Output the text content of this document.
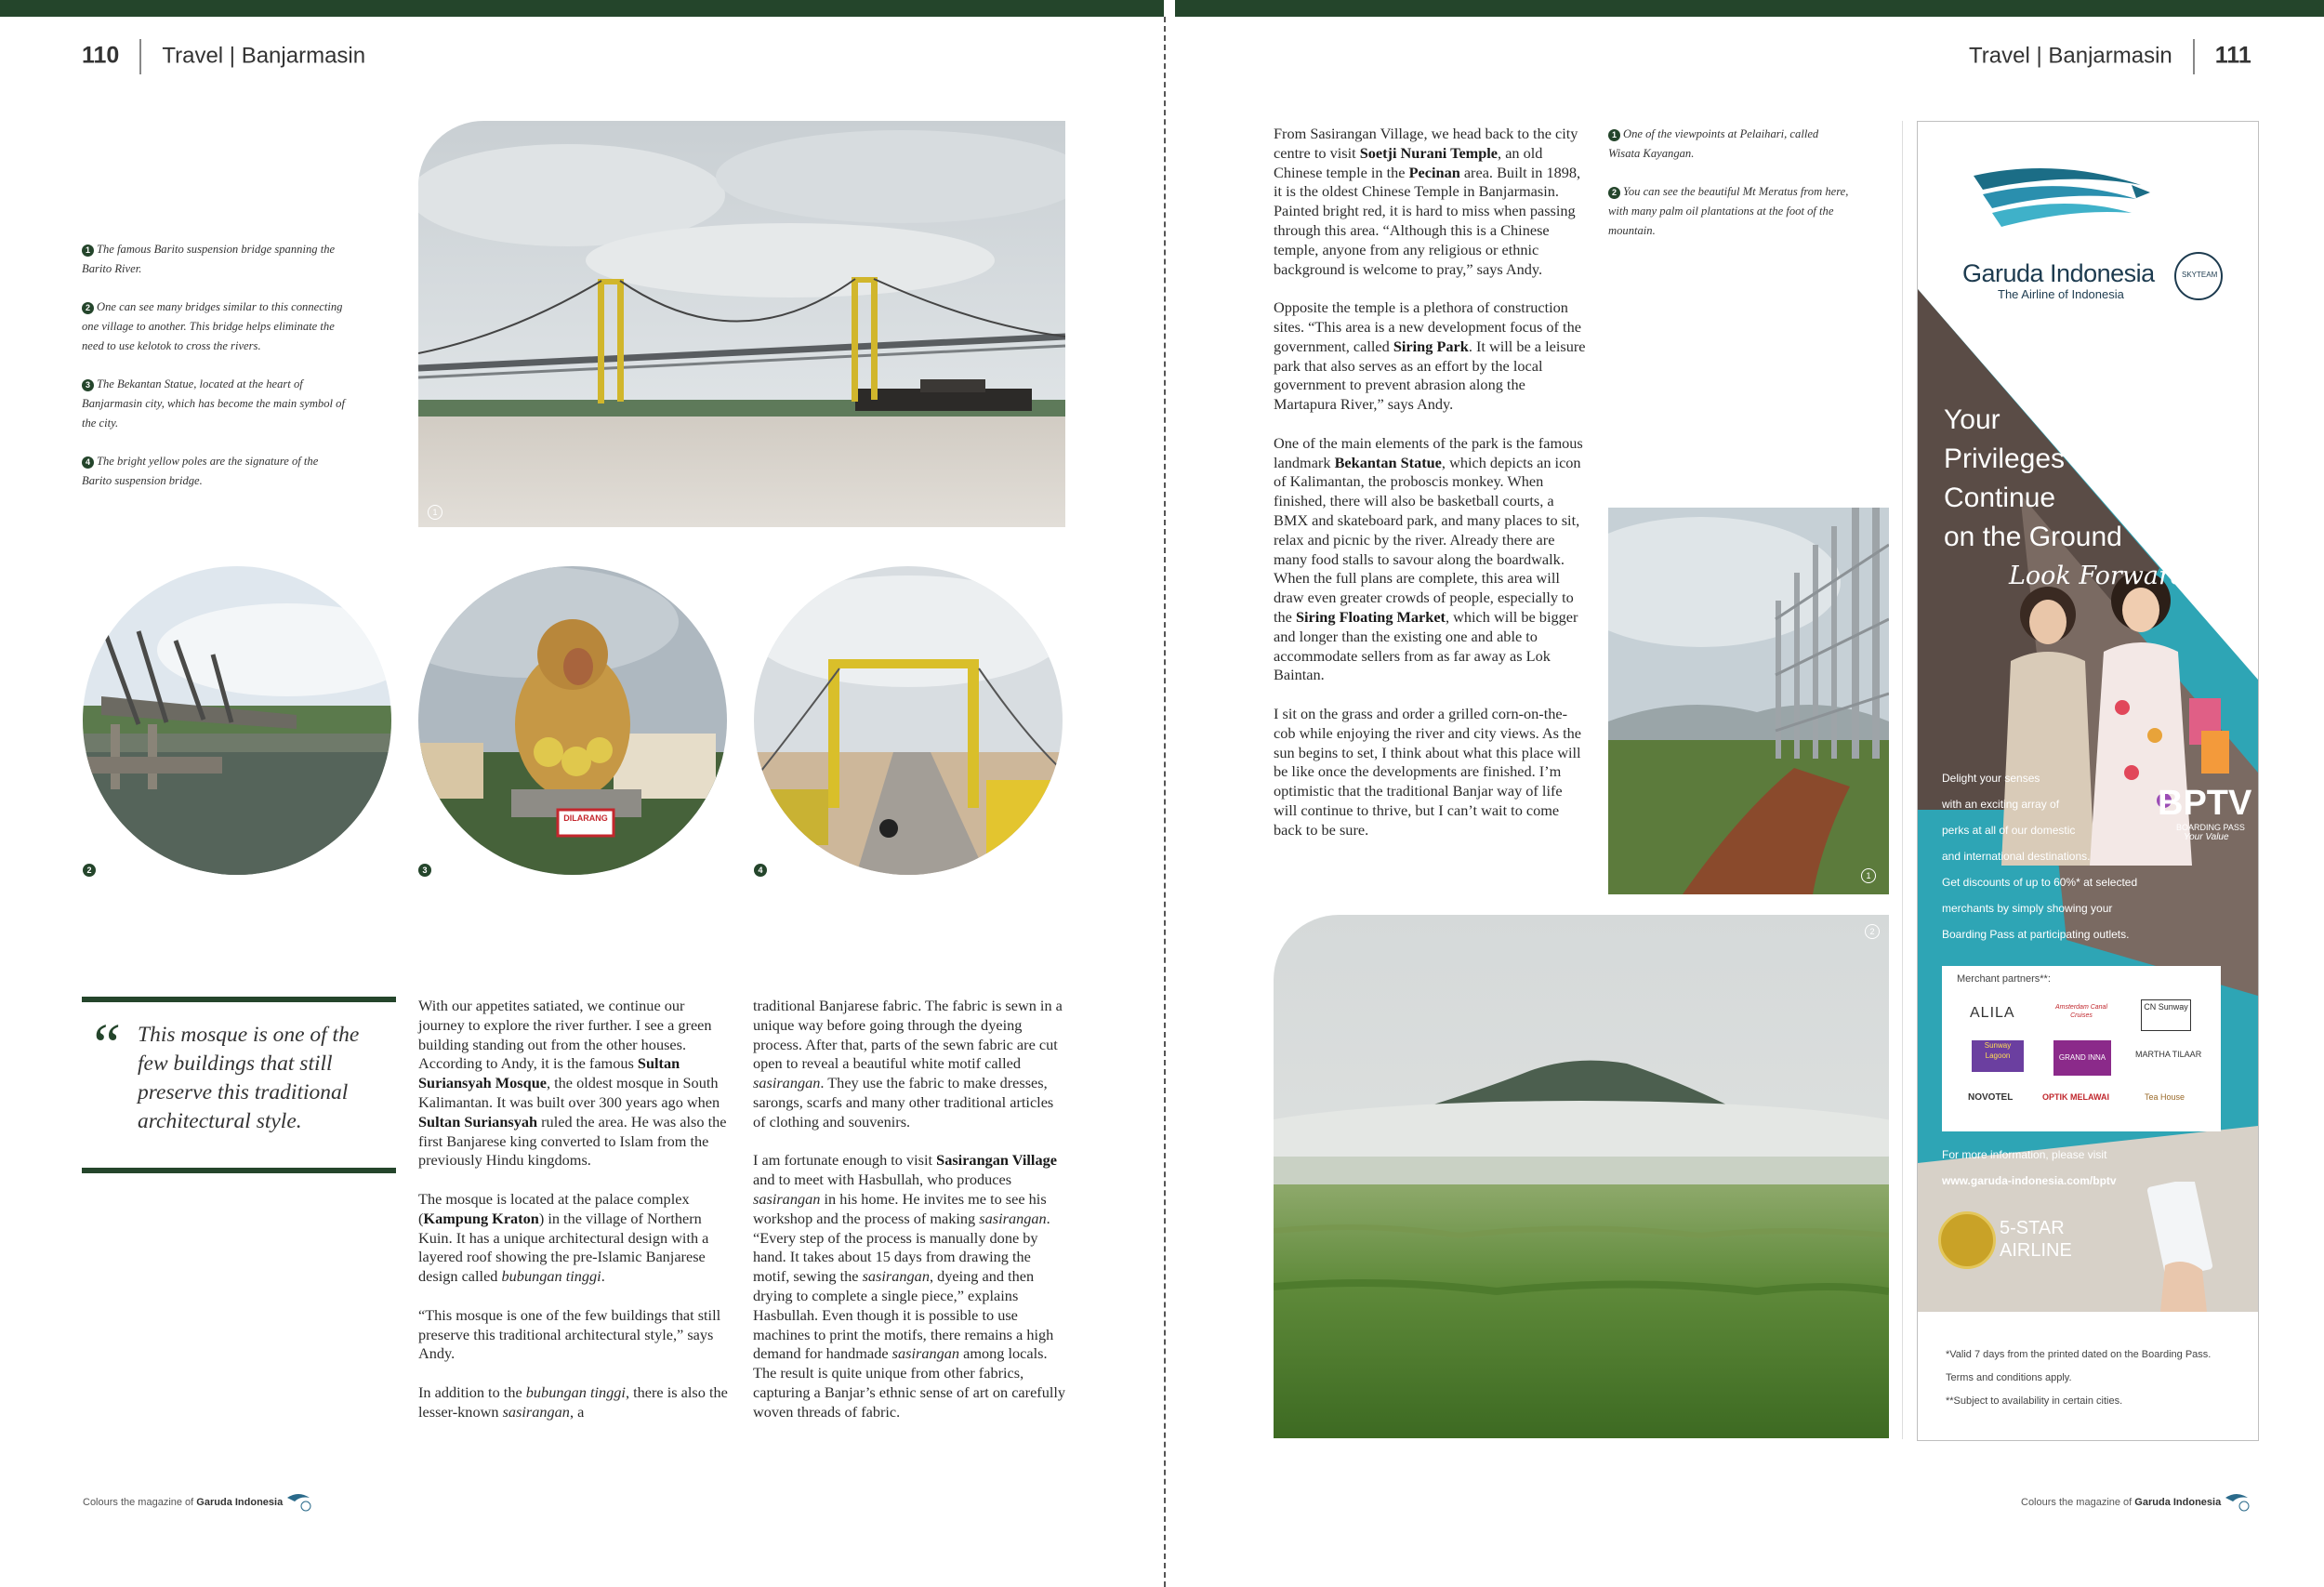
110 Travel | Banjarmasin

1 The famous Barito suspension bridge spanning the Barito River.

2 One can see many bridges similar to this connecting one village to another. This bridge helps eliminate the need to use kelotok to cross the rivers.

3 The Bekantan Statue, located at the heart of Banjarmasin city, which has become the main symbol of the city.

4 The bright yellow poles are the signature of the Barito suspension bridge.

1
2
DILARANG
3	4
“ This mosque is one of the few buildings that still preserve this traditional architectural style.

With our appetites satiated, we continue our journey to explore the river further. I see a green building standing out from the other houses. According to Andy, it is the famous Sultan Suriansyah Mosque, the oldest mosque in South Kalimantan. It was built over 300 years ago when Sultan Suriansyah ruled the area. He was also the first Banjarese king converted to Islam from the previously Hindu kingdoms.

The mosque is located at the palace complex (Kampung Kraton) in the village of Northern Kuin. It has a unique architectural design with a layered roof showing the pre-Islamic Banjarese design called bubungan tinggi.

“This mosque is one of the few buildings that still preserve this traditional architectural style,” says Andy.

In addition to the bubungan tinggi, there is also the lesser-known sasirangan, a

traditional Banjarese fabric. The fabric is sewn in a unique way before going through the dyeing process. After that, parts of the sewn fabric are cut open to reveal a beautiful white motif called sasirangan. They use the fabric to make dresses, sarongs, scarfs and many other traditional articles of clothing and souvenirs.

I am fortunate enough to visit Sasirangan Village and to meet with Hasbullah, who produces sasirangan in his home. He invites me to see his workshop and the process of making sasirangan. “Every step of the process is manually done by hand. It takes about 15 days from drawing the motif, sewing the sasirangan, dyeing and then drying to complete a single piece,” explains Hasbullah. Even though it is possible to use machines to print the motifs, there remains a high demand for handmade sasirangan among locals. The result is quite unique from other fabrics, capturing a Banjar’s ethnic sense of art on carefully woven threads of fabric.

Colours the magazine of Garuda Indonesia
Travel | Banjarmasin 111

From Sasirangan Village, we head back to the city centre to visit Soetji Nurani Temple, an old Chinese temple in the Pecinan area. Built in 1898, it is the oldest Chinese Temple in Banjarmasin. Painted bright red, it is hard to miss when passing through this area. “Although this is a Chinese temple, anyone from any religious or ethnic background is welcome to pray,” says Andy.

Opposite the temple is a plethora of construction sites. “This area is a new development focus of the government, called Siring Park. It will be a leisure park that also serves as an effort by the local government to prevent abrasion along the Martapura River,” says Andy.

One of the main elements of the park is the famous landmark Bekantan Statue, which depicts an icon of Kalimantan, the proboscis monkey. When finished, there will also be basketball courts, a BMX and skateboard park, and many places to sit, relax and picnic by the river. Already there are many food stalls to savour along the boardwalk. When the full plans are complete, this area will draw even greater crowds of people, especially to the Siring Floating Market, which will be bigger and longer than the existing one and able to accommodate sellers from as far away as Lok Baintan.

I sit on the grass and order a grilled corn-on-the-cob while enjoying the river and city views. As the sun begins to set, I think about what this place will be like once the developments are finished. I’m optimistic that the traditional Banjar way of life will continue to thrive, but I can’t wait to come back to be sure.

1 One of the viewpoints at Pelaihari, called Wisata Kayangan.

2 You can see the beautiful Mt Meratus from here, with many palm oil plantations at the foot of the mountain.

1
2
Garuda Indonesia
The Airline of Indonesia
SKYTEAM
Your
Privileges
Continue
on the Ground
Look Forward
Delight your senses
with an exciting array of
perks at all of our domestic
and international destinations.
Get discounts of up to 60%* at selected
merchants by simply showing your
Boarding Pass at participating outlets.
BPTV
BOARDING PASS
Your Value
Merchant partners**:
ALILA	Amsterdam Canal Cruises
CN Sunway
Sunway Lagoon	GRAND INNA	MARTHA TILAAR
NOVOTEL	OPTIK MELAWAI	Tea House
For more information, please visit
www.garuda-indonesia.com/bptv
5-STAR
AIRLINE
*Valid 7 days from the printed dated on the Boarding Pass.
Terms and conditions apply.
**Subject to availability in certain cities.
Colours the magazine of Garuda Indonesia
